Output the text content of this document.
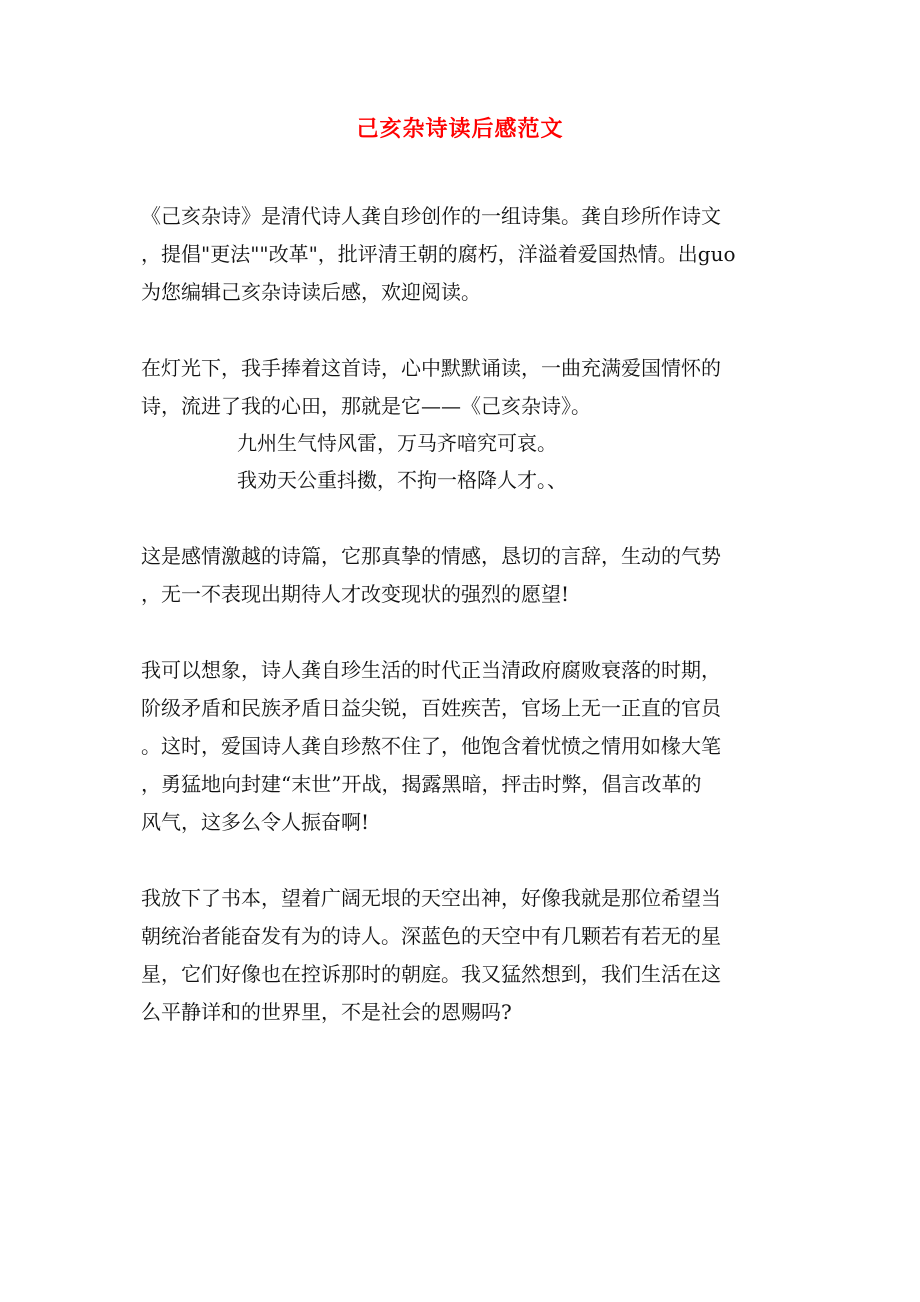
己亥杂诗读后感范文
《己亥杂诗》是清代诗人龚自珍创作的一组诗集。龚自珍所作诗文
，提倡"更法""改革"，批评清王朝的腐朽，洋溢着爱国热情。出guo
为您编辑己亥杂诗读后感，欢迎阅读。
在灯光下，我手捧着这首诗，心中默默诵读，一曲充满爱国情怀的
诗，流进了我的心田，那就是它——《己亥杂诗》。
九州生气恃风雷，万马齐喑究可哀。
我劝天公重抖擞，不拘一格降人才。、
这是感情激越的诗篇，它那真挚的情感，恳切的言辞，生动的气势
，无一不表现出期待人才改变现状的强烈的愿望!
我可以想象，诗人龚自珍生活的时代正当清政府腐败衰落的时期，
阶级矛盾和民族矛盾日益尖锐，百姓疾苦，官场上无一正直的官员
。这时，爱国诗人龚自珍熬不住了，他饱含着忧愤之情用如椽大笔
，勇猛地向封建“末世”开战，揭露黑暗，抨击时弊，倡言改革的
风气，这多么令人振奋啊!
我放下了书本，望着广阔无垠的天空出神，好像我就是那位希望当
朝统治者能奋发有为的诗人。深蓝色的天空中有几颗若有若无的星
星，它们好像也在控诉那时的朝庭。我又猛然想到，我们生活在这
么平静详和的世界里，不是社会的恩赐吗?
